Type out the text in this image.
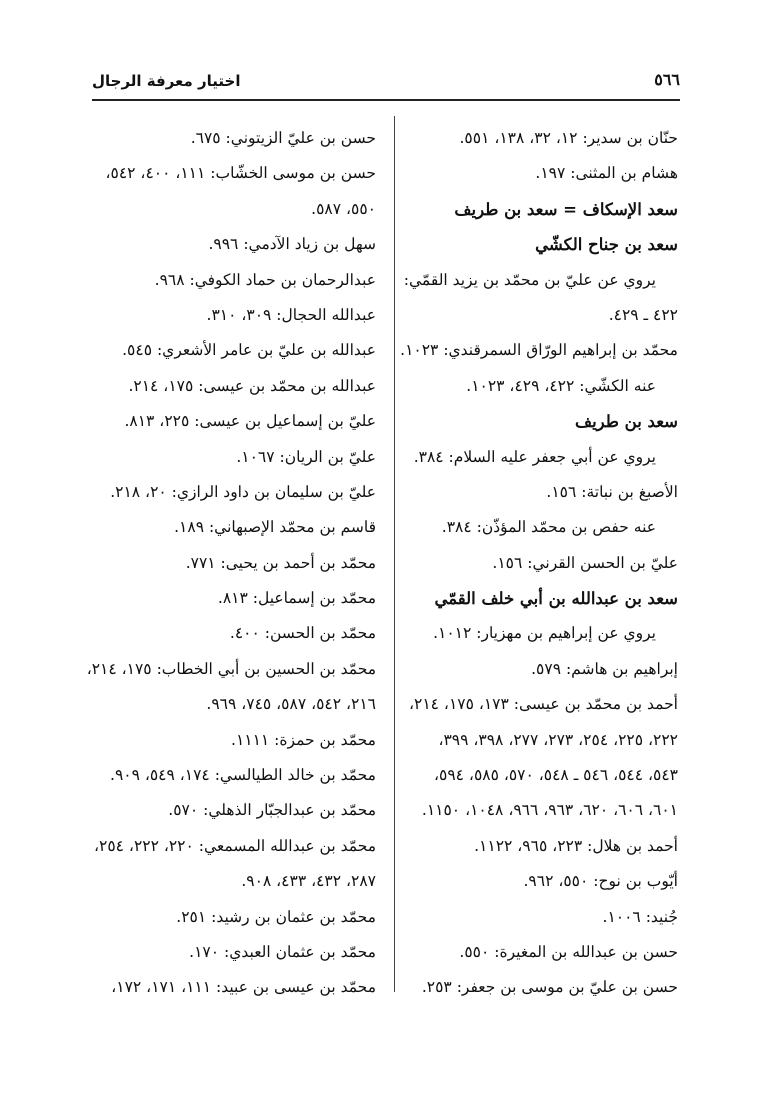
٥٦٦
اختيار معرفة الرجال
حنّان بن سدير: ١٢، ٣٢، ١٣٨، ٥٥١.
هشام بن المثنى: ١٩٧.
سعد الإسكاف = سعد بن طريف
سعد بن جناح الكشّي
يروي عن عليّ بن محمّد بن يزيد القمّي:
٤٢٢ ـ ٤٢٩.
محمّد بن إبراهيم الورّاق السمرقندي: ١٠٢٣.
عنه الكشّي: ٤٢٢، ٤٢٩، ١٠٢٣.
سعد بن طريف
يروي عن أبي جعفر عليه السلام: ٣٨٤.
الأصبغ بن نباتة: ١٥٦.
عنه حفص بن محمّد المؤذّن: ٣٨٤.
عليّ بن الحسن القرني: ١٥٦.
سعد بن عبدالله بن أبي خلف القمّي
يروي عن إبراهيم بن مهزيار: ١٠١٢.
إبراهيم بن هاشم: ٥٧٩.
أحمد بن محمّد بن عيسى: ١٧٣، ١٧٥، ٢١٤،
٢٢٢، ٢٢٥، ٢٥٤، ٢٧٣، ٢٧٧، ٣٩٨، ٣٩٩،
٥٤٣، ٥٤٤، ٥٤٦ ـ ٥٤٨، ٥٧٠، ٥٨٥، ٥٩٤،
٦٠١، ٦٠٦، ٦٢٠، ٩٦٣، ٩٦٦، ١٠٤٨، ١١٥٠.
أحمد بن هلال: ٢٢٣، ٩٦٥، ١١٢٢.
أيّوب بن نوح: ٥٥٠، ٩٦٢.
جُنيد: ١٠٠٦.
حسن بن عبدالله بن المغيرة: ٥٥٠.
حسن بن عليّ بن موسى بن جعفر: ٢٥٣.
حسن بن عليّ الزيتوني: ٦٧٥.
حسن بن موسى الخشّاب: ١١١، ٤٠٠، ٥٤٢،
٥٥٠، ٥٨٧.
سهل بن زياد الآدمي: ٩٩٦.
عبدالرحمان بن حماد الكوفي: ٩٦٨.
عبدالله الحجال: ٣٠٩، ٣١٠.
عبدالله بن عليّ بن عامر الأشعري: ٥٤٥.
عبدالله بن محمّد بن عيسى: ١٧٥، ٢١٤.
عليّ بن إسماعيل بن عيسى: ٢٢٥، ٨١٣.
عليّ بن الريان: ١٠٦٧.
عليّ بن سليمان بن داود الرازي: ٢٠، ٢١٨.
قاسم بن محمّد الإصبهاني: ١٨٩.
محمّد بن أحمد بن يحيى: ٧٧١.
محمّد بن إسماعيل: ٨١٣.
محمّد بن الحسن: ٤٠٠.
محمّد بن الحسين بن أبي الخطاب: ١٧٥، ٢١٤،
٢١٦، ٥٤٢، ٥٨٧، ٧٤٥، ٩٦٩.
محمّد بن حمزة: ١١١١.
محمّد بن خالد الطيالسي: ١٧٤، ٥٤٩، ٩٠٩.
محمّد بن عبدالجبّار الذهلي: ٥٧٠.
محمّد بن عبدالله المسمعي: ٢٢٠، ٢٢٢، ٢٥٤،
٢٨٧، ٤٣٢، ٤٣٣، ٩٠٨.
محمّد بن عثمان بن رشيد: ٢٥١.
محمّد بن عثمان العبدي: ١٧٠.
محمّد بن عيسى بن عبيد: ١١١، ١٧١، ١٧٢،
